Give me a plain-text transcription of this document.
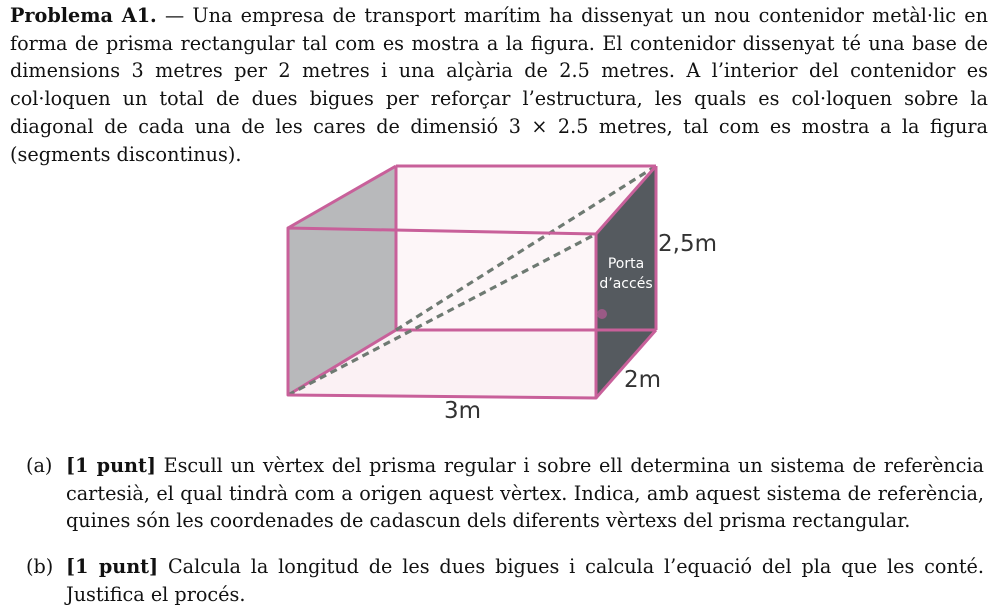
Problema A1. — Una empresa de transport marítim ha dissenyat un nou contenidor metàl·lic en forma de prisma rectangular tal com es mostra a la figura. El contenidor dissenyat té una base de dimensions 3 metres per 2 metres i una alçària de 2.5 metres. A l’interior del contenidor es col·loquen un total de dues bigues per reforçar l’estructura, les quals es col·loquen sobre la diagonal de cada una de les cares de dimensió 3 × 2.5 metres, tal com es mostra a la figura (segments discontinus).
Porta
d’accés
2,5m
2m
3m
(a) [1 punt] Escull un vèrtex del prisma regular i sobre ell determina un sistema de referència cartesià, el qual tindrà com a origen aquest vèrtex. Indica, amb aquest sistema de referència, quines són les coordenades de cadascun dels diferents vèrtexs del prisma rectangular.
(b) [1 punt] Calcula la longitud de les dues bigues i calcula l’equació del pla que les conté. Justifica el procés.
